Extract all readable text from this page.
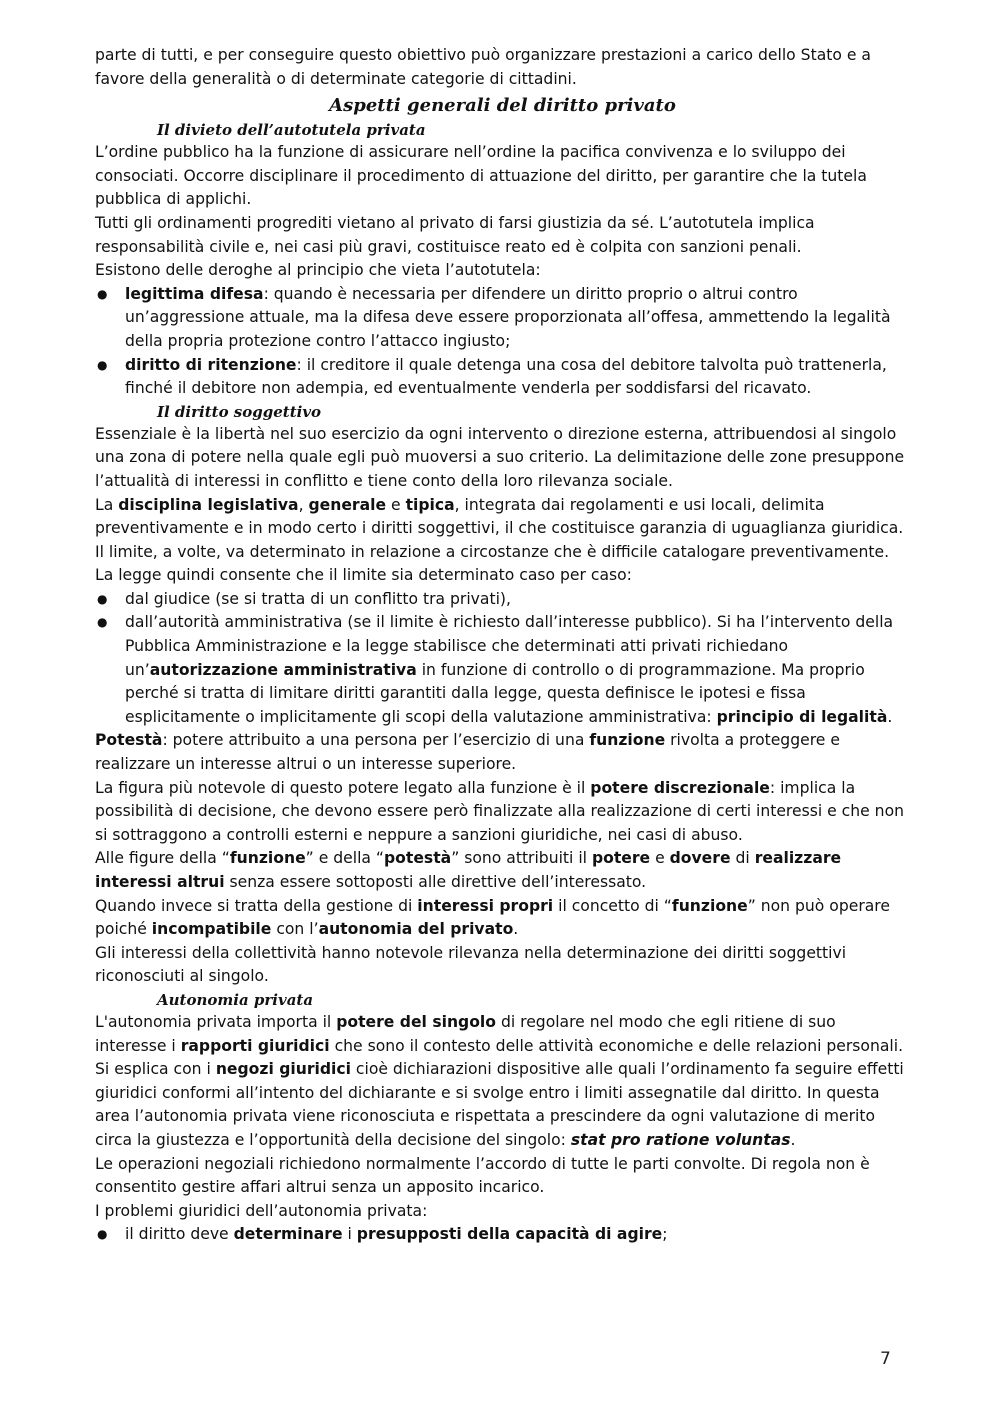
parte di tutti, e per conseguire questo obiettivo può organizzare prestazioni a carico dello Stato e a favore della generalità o di determinate categorie di cittadini.

Aspetti generali del diritto privato
Il divieto dell’autotutela privata

L’ordine pubblico ha la funzione di assicurare nell’ordine la pacifica convivenza e lo sviluppo dei consociati. Occorre disciplinare il procedimento di attuazione del diritto, per garantire che la tutela pubblica di applichi.

Tutti gli ordinamenti progrediti vietano al privato di farsi giustizia da sé. L’autotutela implica responsabilità civile e, nei casi più gravi, costituisce reato ed è colpita con sanzioni penali.

Esistono delle deroghe al principio che vieta l’autotutela:

● legittima difesa: quando è necessaria per difendere un diritto proprio o altrui contro un’aggressione attuale, ma la difesa deve essere proporzionata all’offesa, ammettendo la legalità della propria protezione contro l’attacco ingiusto;
● diritto di ritenzione: il creditore il quale detenga una cosa del debitore talvolta può trattenerla, finché il debitore non adempia, ed eventualmente venderla per soddisfarsi del ricavato.
Il diritto soggettivo

Essenziale è la libertà nel suo esercizio da ogni intervento o direzione esterna, attribuendosi al singolo una zona di potere nella quale egli può muoversi a suo criterio. La delimitazione delle zone presuppone l’attualità di interessi in conflitto e tiene conto della loro rilevanza sociale.

La disciplina legislativa, generale e tipica, integrata dai regolamenti e usi locali, delimita preventivamente e in modo certo i diritti soggettivi, il che costituisce garanzia di uguaglianza giuridica.

Il limite, a volte, va determinato in relazione a circostanze che è difficile catalogare preventivamente. La legge quindi consente che il limite sia determinato caso per caso:

● dal giudice (se si tratta di un conflitto tra privati),
● dall’autorità amministrativa (se il limite è richiesto dall’interesse pubblico). Si ha l’intervento della Pubblica Amministrazione e la legge stabilisce che determinati atti privati richiedano un’autorizzazione amministrativa in funzione di controllo o di programmazione. Ma proprio perché si tratta di limitare diritti garantiti dalla legge, questa definisce le ipotesi e fissa esplicitamente o implicitamente gli scopi della valutazione amministrativa: principio di legalità.

Potestà: potere attribuito a una persona per l’esercizio di una funzione rivolta a proteggere e realizzare un interesse altrui o un interesse superiore.

La figura più notevole di questo potere legato alla funzione è il potere discrezionale: implica la possibilità di decisione, che devono essere però finalizzate alla realizzazione di certi interessi e che non si sottraggono a controlli esterni e neppure a sanzioni giuridiche, nei casi di abuso.

Alle figure della “funzione” e della “potestà” sono attribuiti il potere e dovere di realizzare interessi altrui senza essere sottoposti alle direttive dell’interessato.

Quando invece si tratta della gestione di interessi propri il concetto di “funzione” non può operare poiché incompatibile con l’autonomia del privato.

Gli interessi della collettività hanno notevole rilevanza nella determinazione dei diritti soggettivi riconosciuti al singolo.

Autonomia privata

L'autonomia privata importa il potere del singolo di regolare nel modo che egli ritiene di suo interesse i rapporti giuridici che sono il contesto delle attività economiche e delle relazioni personali. Si esplica con i negozi giuridici cioè dichiarazioni dispositive alle quali l’ordinamento fa seguire effetti giuridici conformi all’intento del dichiarante e si svolge entro i limiti assegnatile dal diritto. In questa area l’autonomia privata viene riconosciuta e rispettata a prescindere da ogni valutazione di merito circa la giustezza e l’opportunità della decisione del singolo: stat pro ratione voluntas.

Le operazioni negoziali richiedono normalmente l’accordo di tutte le parti convolte. Di regola non è consentito gestire affari altrui senza un apposito incarico.

I problemi giuridici dell’autonomia privata:

● il diritto deve determinare i presupposti della capacità di agire;
7
